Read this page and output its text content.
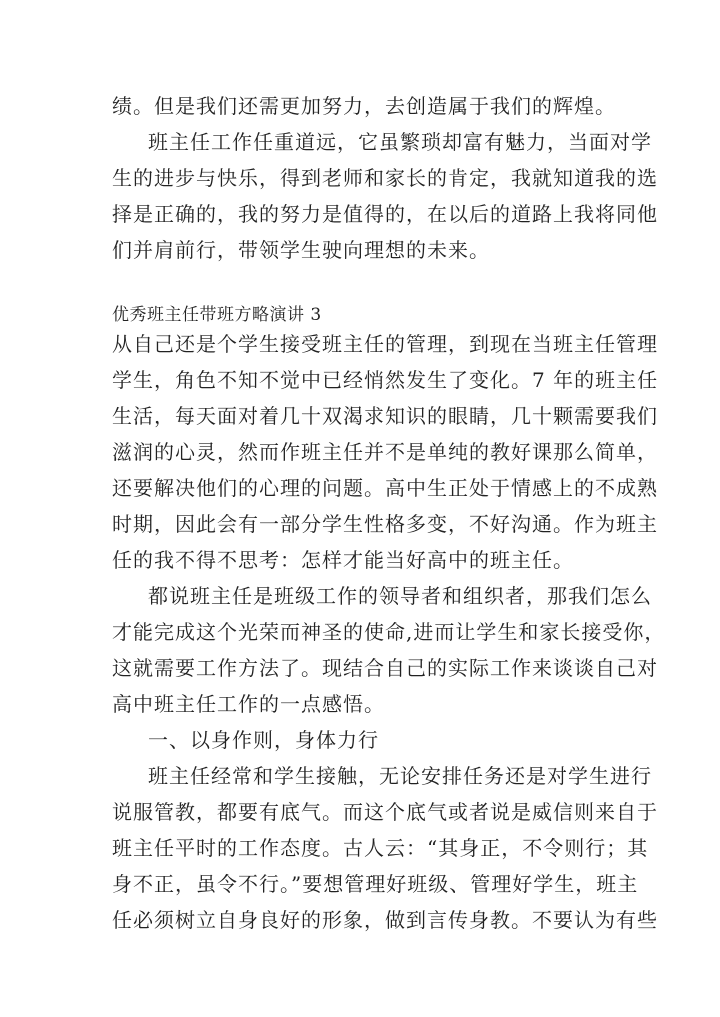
绩。但是我们还需更加努力，去创造属于我们的辉煌。
班主任工作任重道远，它虽繁琐却富有魅力，当面对学
生的进步与快乐，得到老师和家长的肯定，我就知道我的选
择是正确的，我的努力是值得的，在以后的道路上我将同他
们并肩前行，带领学生驶向理想的未来。
优秀班主任带班方略演讲 3
从自己还是个学生接受班主任的管理，到现在当班主任管理
学生，角色不知不觉中已经悄然发生了变化。7 年的班主任
生活，每天面对着几十双渴求知识的眼睛，几十颗需要我们
滋润的心灵，然而作班主任并不是单纯的教好课那么简单，
还要解决他们的心理的问题。高中生正处于情感上的不成熟
时期，因此会有一部分学生性格多变，不好沟通。作为班主
任的我不得不思考：怎样才能当好高中的班主任。
都说班主任是班级工作的领导者和组织者，那我们怎么
才能完成这个光荣而神圣的使命,进而让学生和家长接受你，
这就需要工作方法了。现结合自己的实际工作来谈谈自己对
高中班主任工作的一点感悟。
一、以身作则，身体力行
班主任经常和学生接触，无论安排任务还是对学生进行
说服管教，都要有底气。而这个底气或者说是威信则来自于
班主任平时的工作态度。古人云：“其身正，不令则行；其
身不正，虽令不行。”要想管理好班级、管理好学生，班主
任必须树立自身良好的形象，做到言传身教。不要认为有些
